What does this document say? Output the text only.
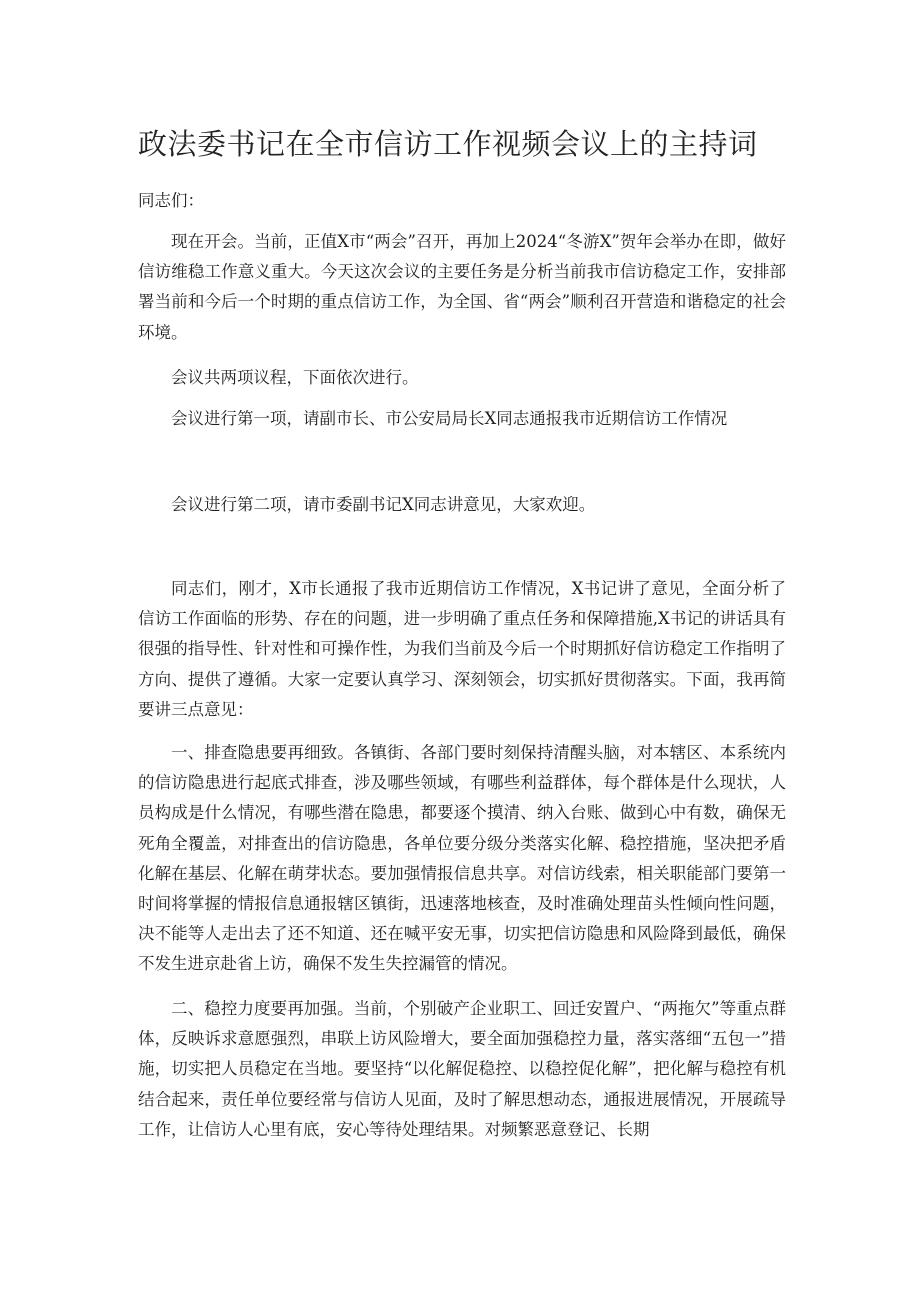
政法委书记在全市信访工作视频会议上的主持词
同志们：
现在开会。当前，正值X市“两会”召开，再加上2024“冬游X”贺年会举办在即，做好信访维稳工作意义重大。今天这次会议的主要任务是分析当前我市信访稳定工作，安排部署当前和今后一个时期的重点信访工作，为全国、省“两会”顺利召开营造和谐稳定的社会环境。
会议共两项议程，下面依次进行。
会议进行第一项，请副市长、市公安局局长X同志通报我市近期信访工作情况
会议进行第二项，请市委副书记X同志讲意见，大家欢迎。
同志们，刚才，X市长通报了我市近期信访工作情况，X书记讲了意见，全面分析了信访工作面临的形势、存在的问题，进一步明确了重点任务和保障措施,X书记的讲话具有很强的指导性、针对性和可操作性，为我们当前及今后一个时期抓好信访稳定工作指明了方向、提供了遵循。大家一定要认真学习、深刻领会，切实抓好贯彻落实。下面，我再简要讲三点意见：
一、排查隐患要再细致。各镇街、各部门要时刻保持清醒头脑，对本辖区、本系统内的信访隐患进行起底式排查，涉及哪些领域，有哪些利益群体，每个群体是什么现状，人员构成是什么情况，有哪些潜在隐患，都要逐个摸清、纳入台账、做到心中有数，确保无死角全覆盖，对排查出的信访隐患，各单位要分级分类落实化解、稳控措施，坚决把矛盾化解在基层、化解在萌芽状态。要加强情报信息共享。对信访线索，相关职能部门要第一时间将掌握的情报信息通报辖区镇街，迅速落地核查，及时准确处理苗头性倾向性问题，决不能等人走出去了还不知道、还在喊平安无事，切实把信访隐患和风险降到最低，确保不发生进京赴省上访，确保不发生失控漏管的情况。
二、稳控力度要再加强。当前，个别破产企业职工、回迁安置户、“两拖欠”等重点群体，反映诉求意愿强烈，串联上访风险增大，要全面加强稳控力量，落实落细“五包一”措施，切实把人员稳定在当地。要坚持“以化解促稳控、以稳控促化解”，把化解与稳控有机结合起来，责任单位要经常与信访人见面，及时了解思想动态，通报进展情况，开展疏导工作，让信访人心里有底，安心等待处理结果。对频繁恶意登记、长期
